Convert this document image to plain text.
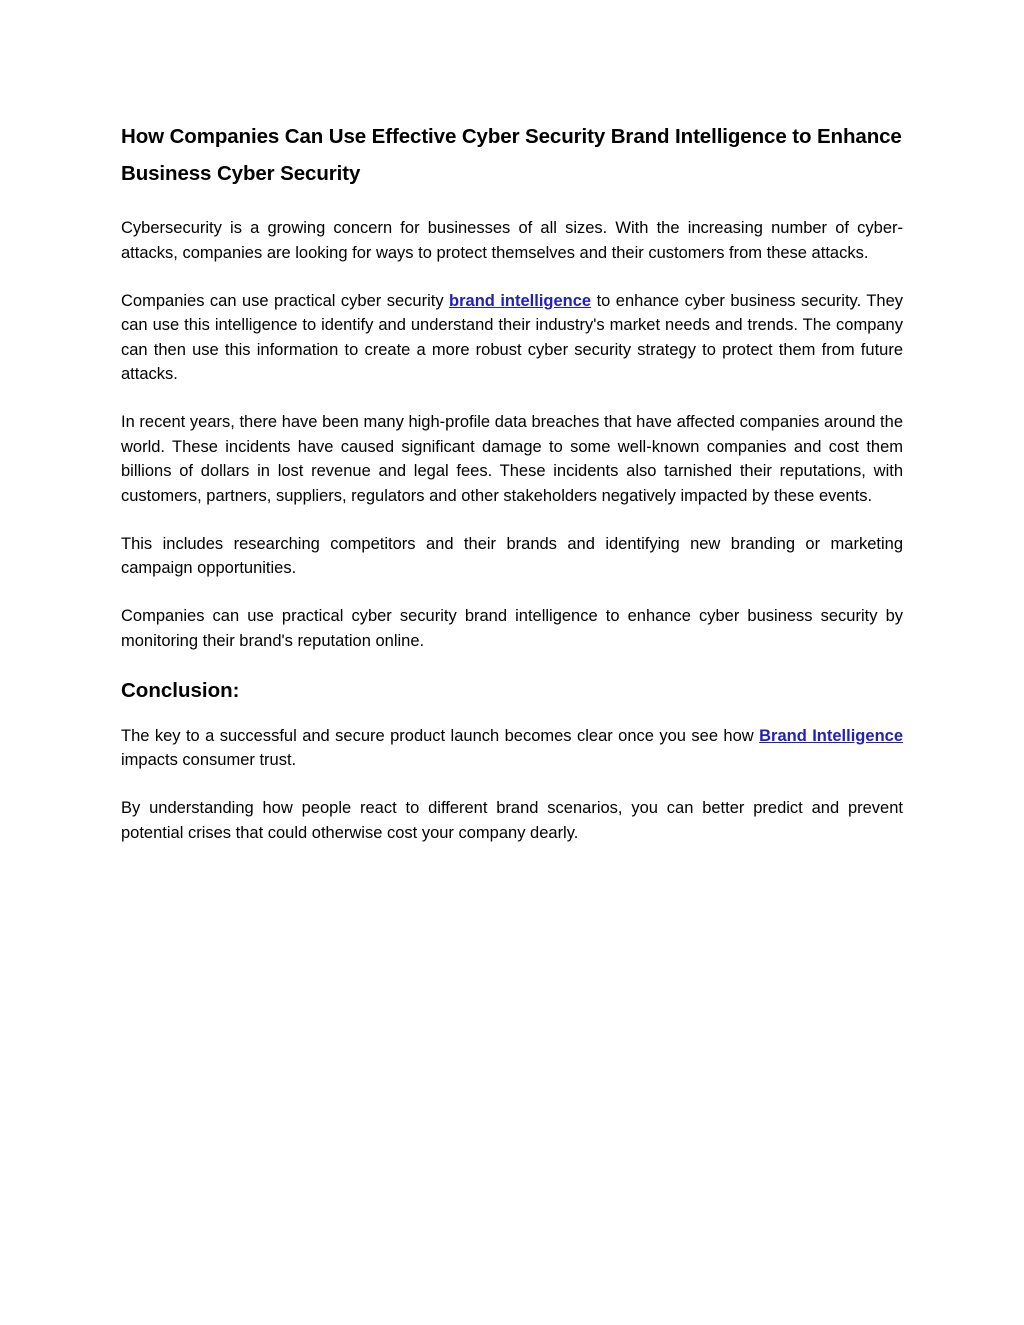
How Companies Can Use Effective Cyber Security Brand Intelligence to Enhance Business Cyber Security

Cybersecurity is a growing concern for businesses of all sizes. With the increasing number of cyber-attacks, companies are looking for ways to protect themselves and their customers from these attacks.

Companies can use practical cyber security brand intelligence to enhance cyber business security. They can use this intelligence to identify and understand their industry's market needs and trends. The company can then use this information to create a more robust cyber security strategy to protect them from future attacks.

In recent years, there have been many high-profile data breaches that have affected companies around the world. These incidents have caused significant damage to some well-known companies and cost them billions of dollars in lost revenue and legal fees. These incidents also tarnished their reputations, with customers, partners, suppliers, regulators and other stakeholders negatively impacted by these events.

This includes researching competitors and their brands and identifying new branding or marketing campaign opportunities.

Companies can use practical cyber security brand intelligence to enhance cyber business security by monitoring their brand's reputation online.

Conclusion:

The key to a successful and secure product launch becomes clear once you see how Brand Intelligence impacts consumer trust.

By understanding how people react to different brand scenarios, you can better predict and prevent potential crises that could otherwise cost your company dearly.
